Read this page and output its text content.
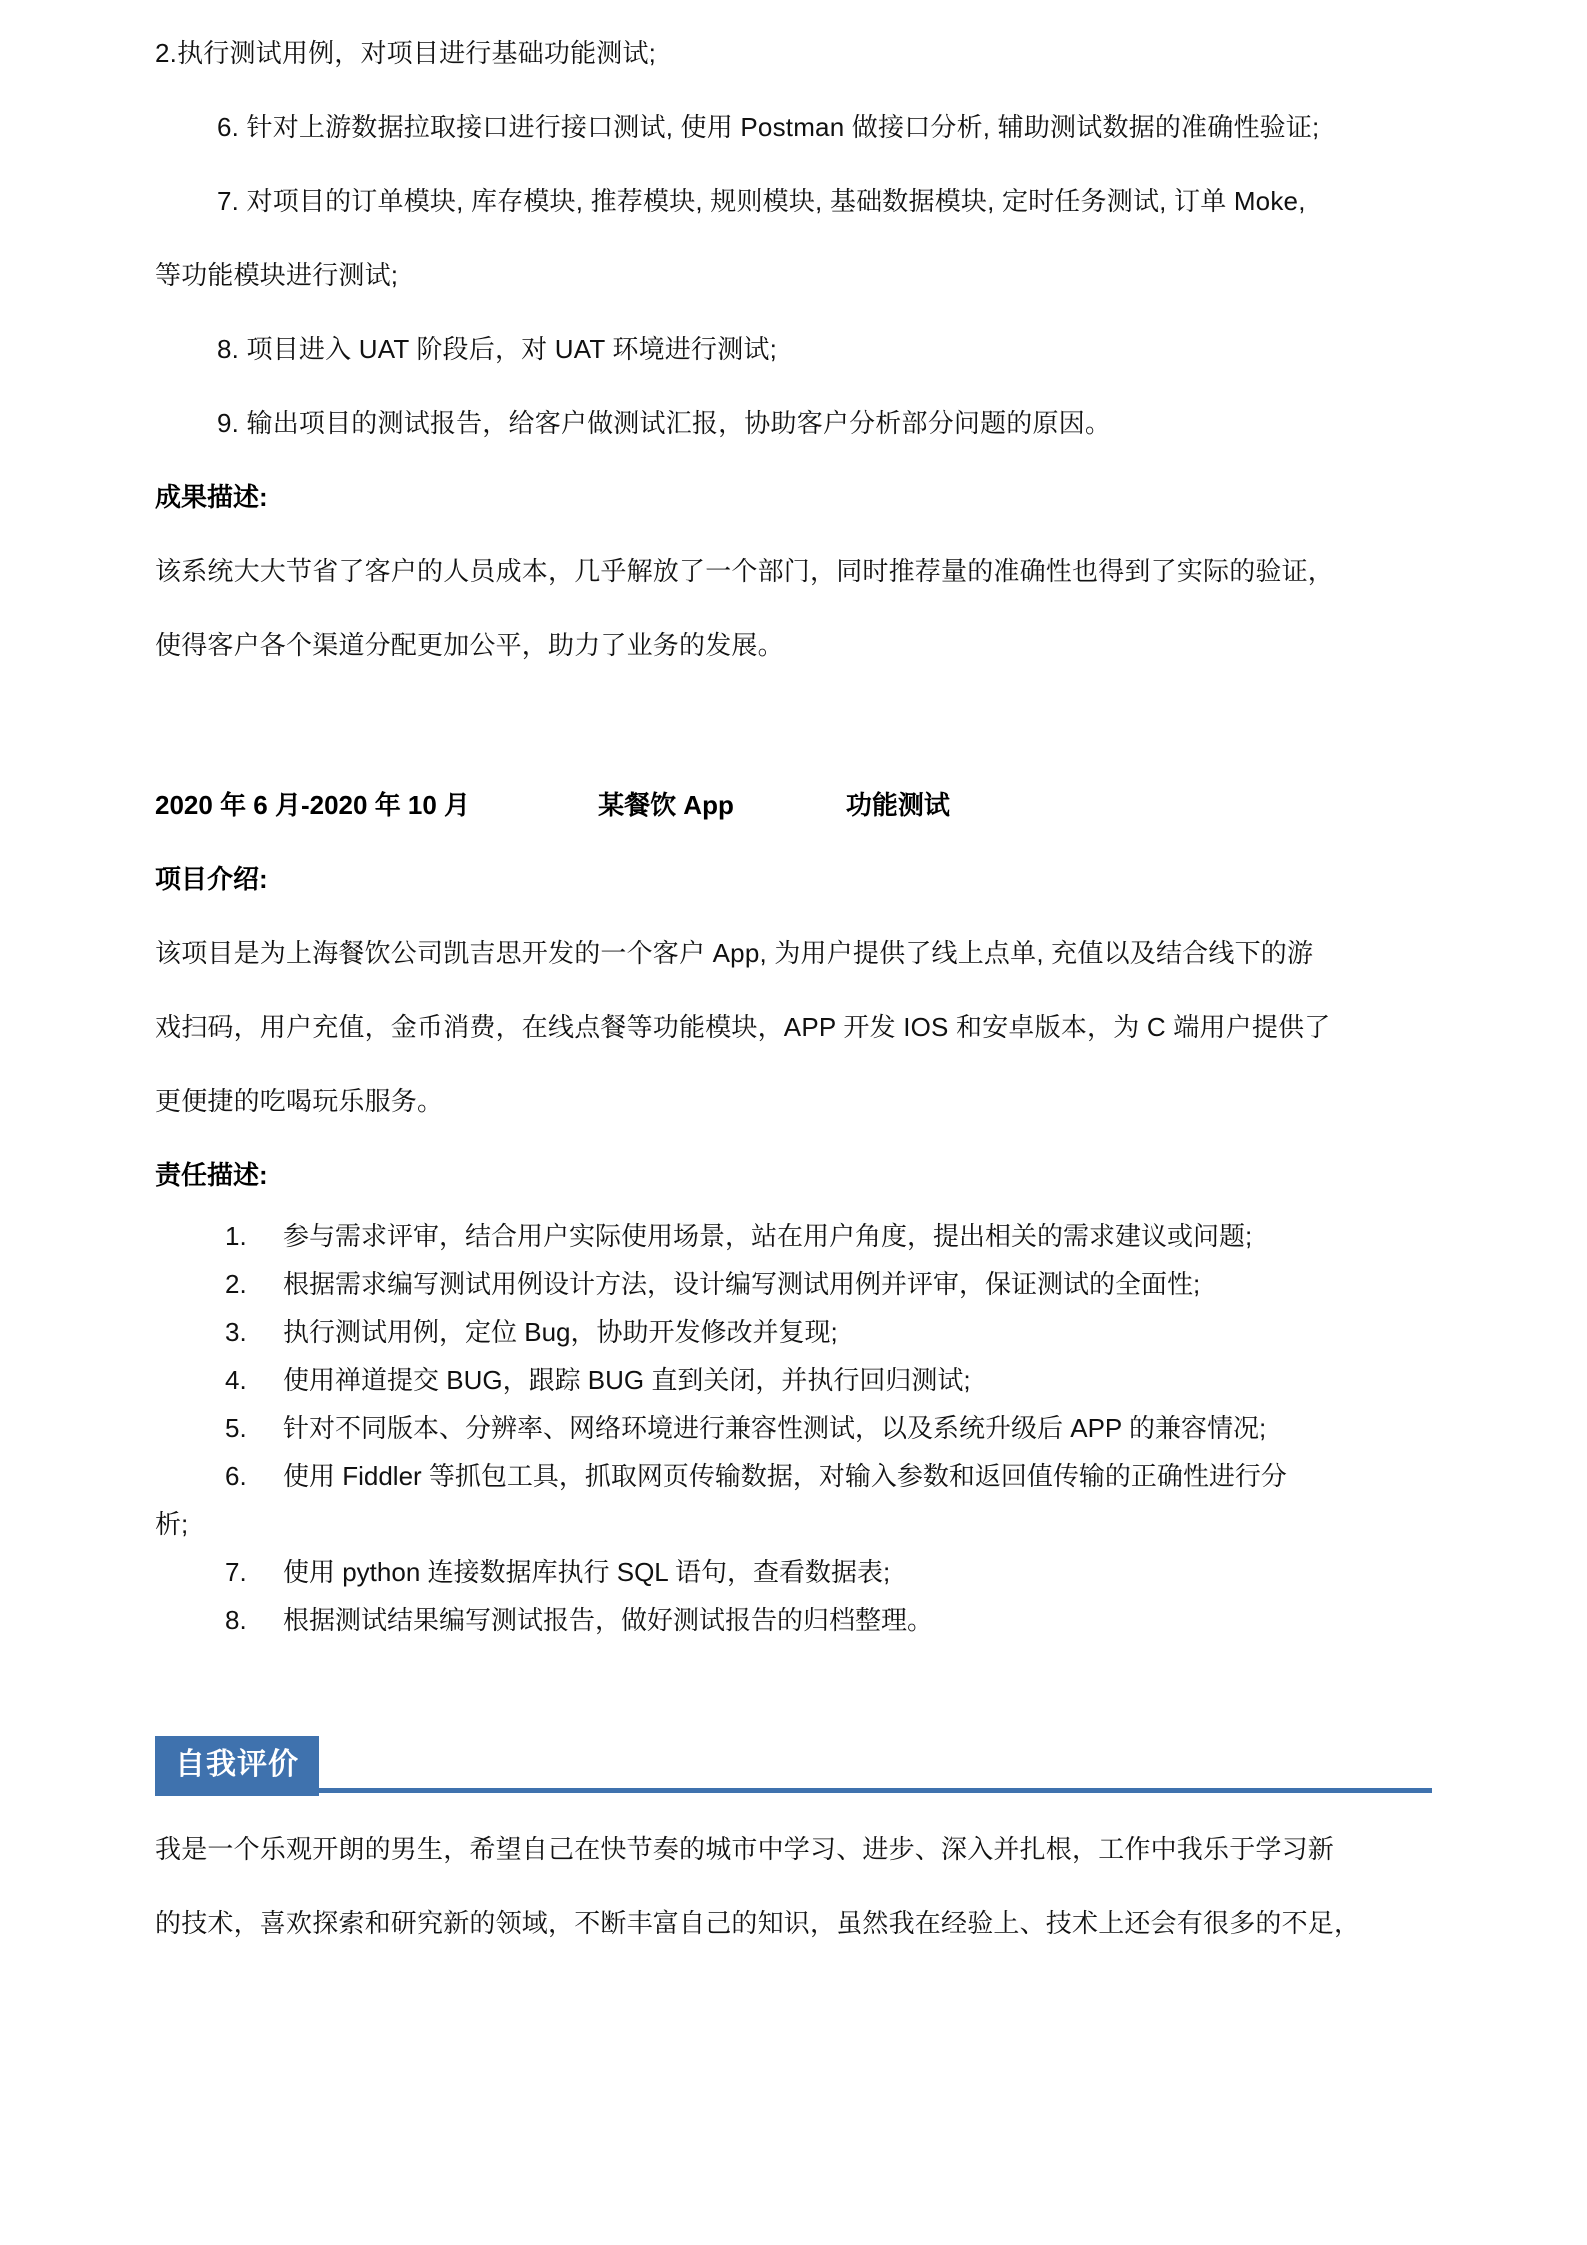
2.执行测试用例，对项目进行基础功能测试;

6. 针对上游数据拉取接口进行接口测试, 使用 Postman 做接口分析, 辅助测试数据的准确性验证;

7. 对项目的订单模块, 库存模块, 推荐模块, 规则模块, 基础数据模块, 定时任务测试, 订单 Moke,

等功能模块进行测试;

8. 项目进入 UAT 阶段后，对 UAT 环境进行测试;

9. 输出项目的测试报告，给客户做测试汇报，协助客户分析部分问题的原因。

成果描述:

该系统大大节省了客户的人员成本，几乎解放了一个部门，同时推荐量的准确性也得到了实际的验证，

使得客户各个渠道分配更加公平，助力了业务的发展。

2020 年 6 月-2020 年 10 月	某餐饮 App	功能测试

项目介绍:

该项目是为上海餐饮公司凯吉思开发的一个客户 App, 为用户提供了线上点单, 充值以及结合线下的游

戏扫码，用户充值，金币消费，在线点餐等功能模块，APP 开发 IOS 和安卓版本，为 C 端用户提供了

更便捷的吃喝玩乐服务。

责任描述:

参与需求评审，结合用户实际使用场景，站在用户角度，提出相关的需求建议或问题;
根据需求编写测试用例设计方法，设计编写测试用例并评审，保证测试的全面性;
执行测试用例，定位 Bug，协助开发修改并复现;
使用禅道提交 BUG，跟踪 BUG 直到关闭，并执行回归测试;
针对不同版本、分辨率、网络环境进行兼容性测试，以及系统升级后 APP 的兼容情况;
使用 Fiddler 等抓包工具，抓取网页传输数据，对输入参数和返回值传输的正确性进行分
析;
使用 python 连接数据库执行 SQL 语句，查看数据表;
根据测试结果编写测试报告，做好测试报告的归档整理。
自我评价

我是一个乐观开朗的男生，希望自己在快节奏的城市中学习、进步、深入并扎根，工作中我乐于学习新

的技术，喜欢探索和研究新的领域，不断丰富自己的知识，虽然我在经验上、技术上还会有很多的不足，
